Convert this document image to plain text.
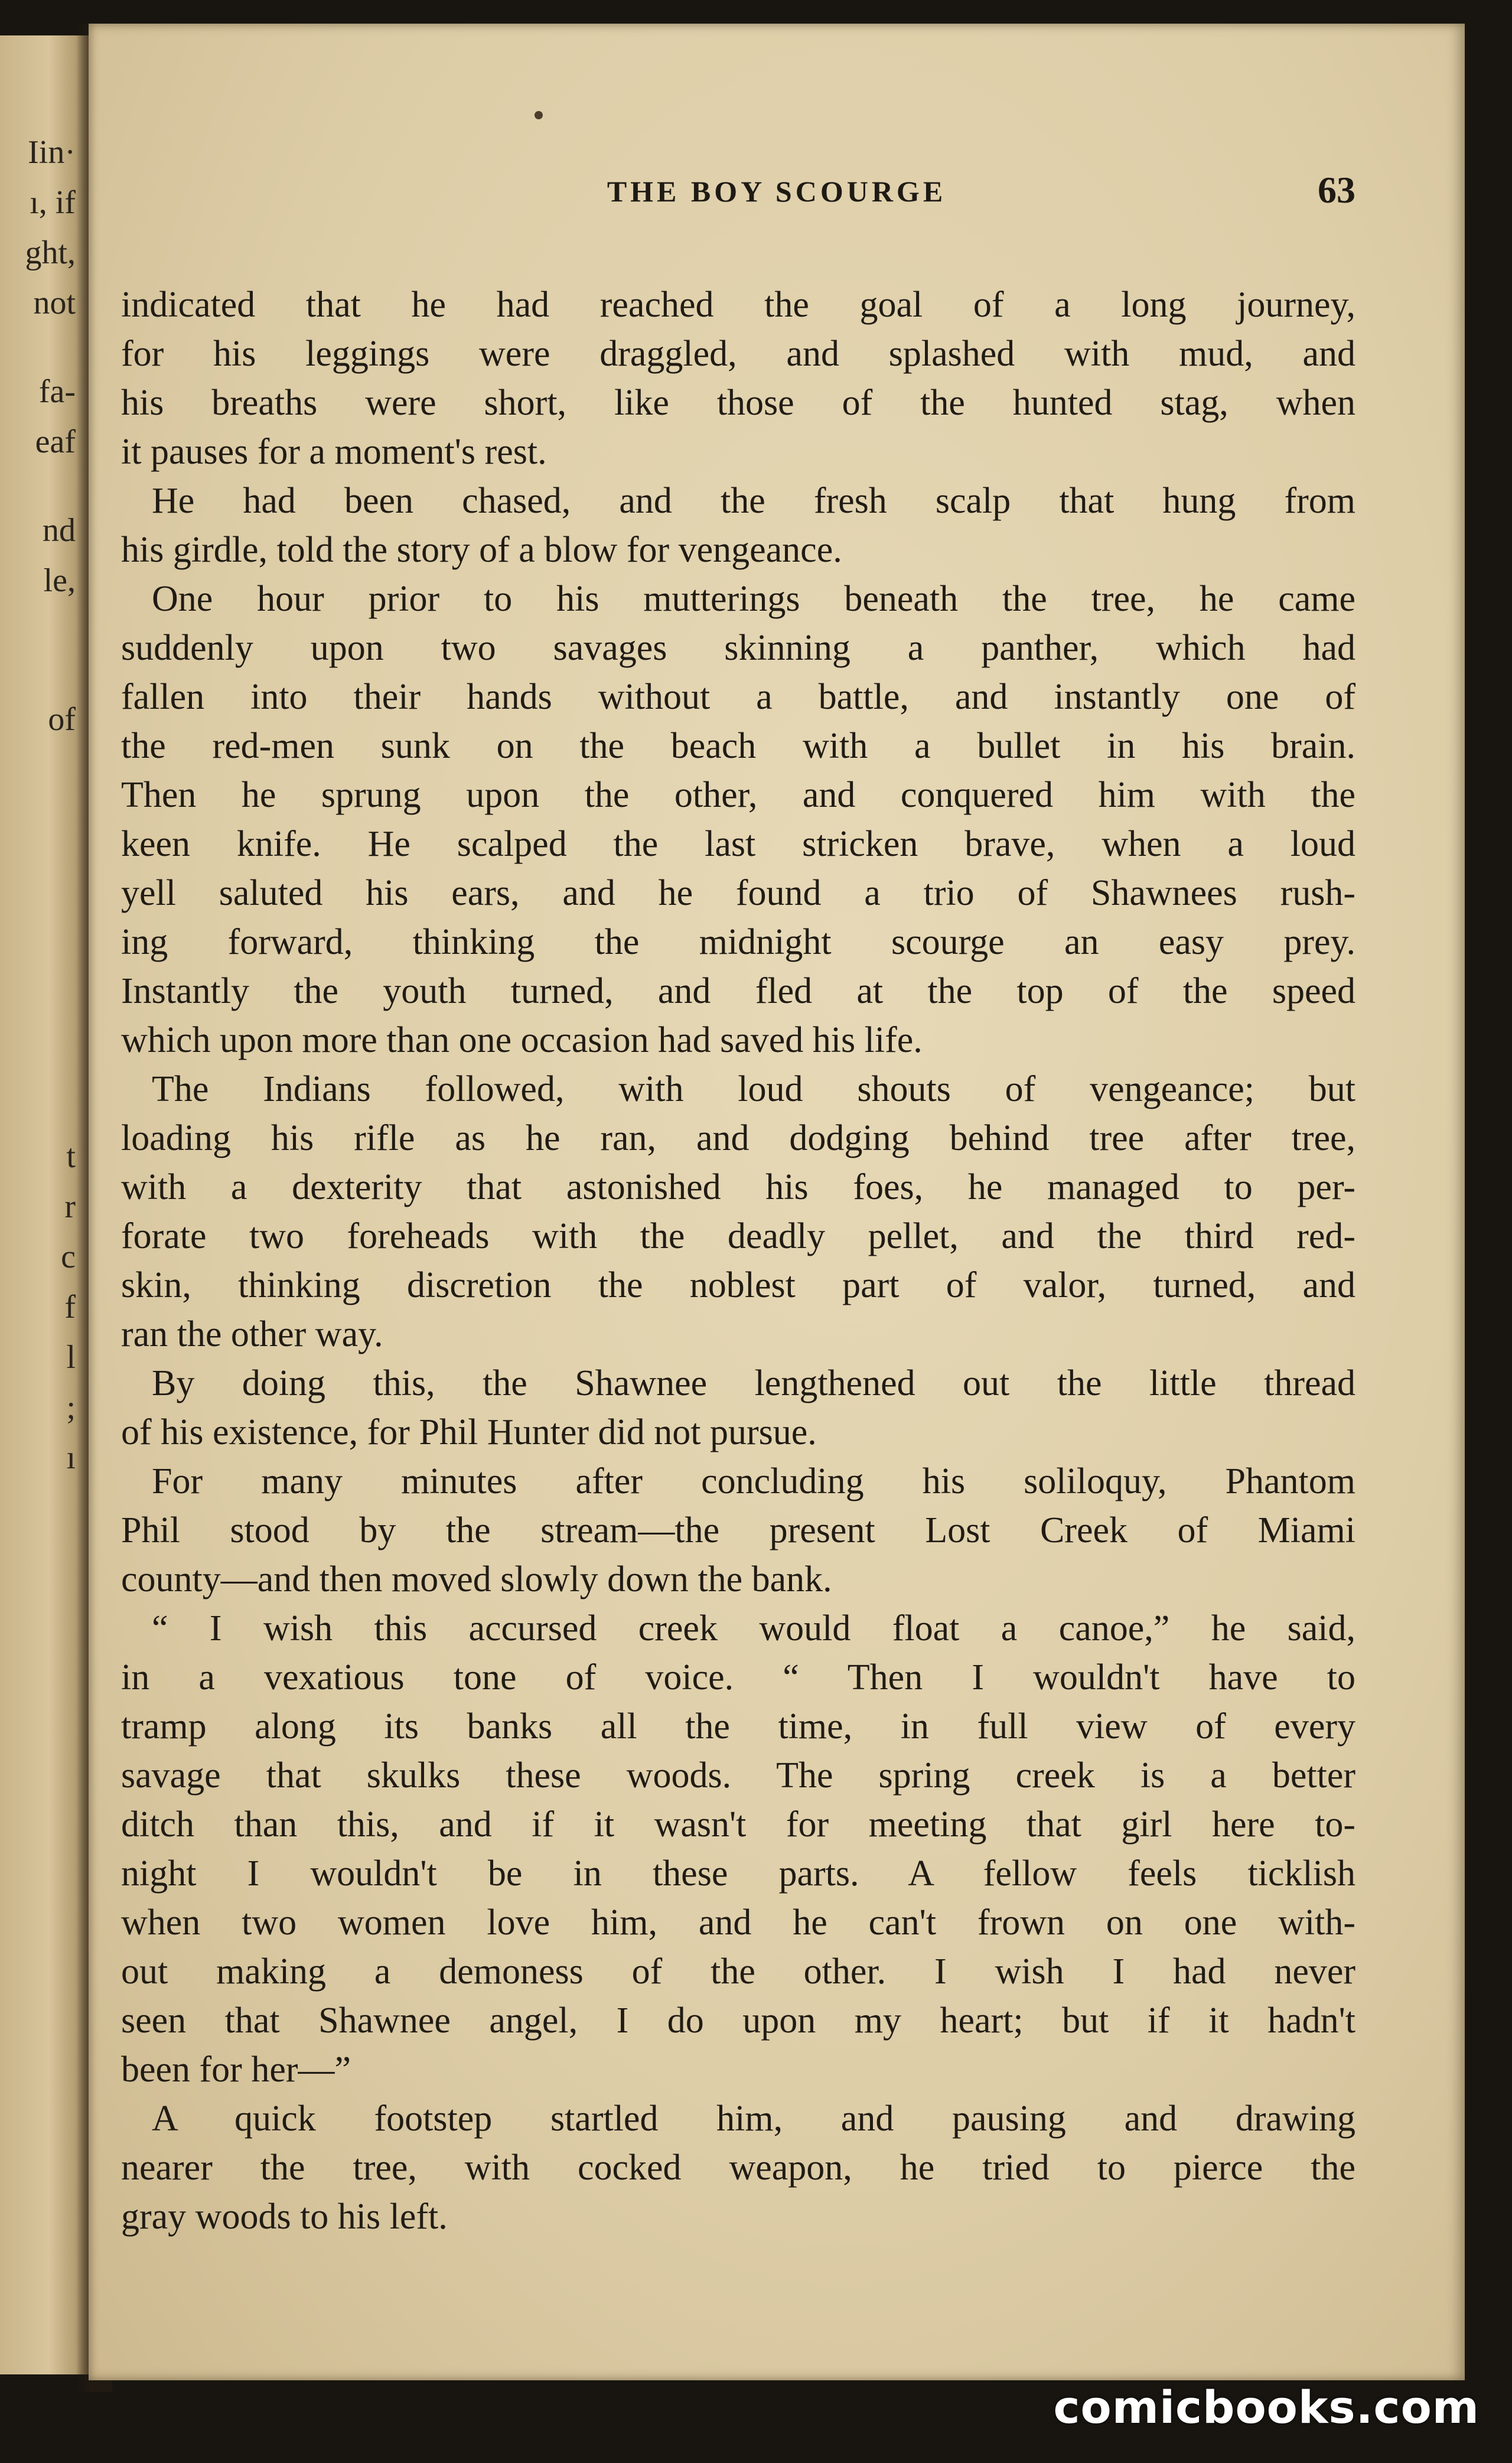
Iin·
ı, if
ght,
not
fa-
eaf
nd
le,
of
t
r
c
f
l
;
ı
THE BOY SCOURGE	63
indicated that he had reached the goal of a long journey,
for his leggings were draggled, and splashed with mud, and
his breaths were short, like those of the hunted stag, when
it pauses for a moment's rest.
He had been chased, and the fresh scalp that hung from
his girdle, told the story of a blow for vengeance.
One hour prior to his mutterings beneath the tree, he came
suddenly upon two savages skinning a panther, which had
fallen into their hands without a battle, and instantly one of
the red-men sunk on the beach with a bullet in his brain.
Then he sprung upon the other, and conquered him with the
keen knife. He scalped the last stricken brave, when a loud
yell saluted his ears, and he found a trio of Shawnees rush-
ing forward, thinking the midnight scourge an easy prey.
Instantly the youth turned, and fled at the top of the speed
which upon more than one occasion had saved his life.
The Indians followed, with loud shouts of vengeance; but
loading his rifle as he ran, and dodging behind tree after tree,
with a dexterity that astonished his foes, he managed to per-
forate two foreheads with the deadly pellet, and the third red-
skin, thinking discretion the noblest part of valor, turned, and
ran the other way.
By doing this, the Shawnee lengthened out the little thread
of his existence, for Phil Hunter did not pursue.
For many minutes after concluding his soliloquy, Phantom
Phil stood by the stream—the present Lost Creek of Miami
county—and then moved slowly down the bank.
“ I wish this accursed creek would float a canoe,” he said,
in a vexatious tone of voice. “ Then I wouldn't have to
tramp along its banks all the time, in full view of every
savage that skulks these woods. The spring creek is a better
ditch than this, and if it wasn't for meeting that girl here to-
night I wouldn't be in these parts. A fellow feels ticklish
when two women love him, and he can't frown on one with-
out making a demoness of the other. I wish I had never
seen that Shawnee angel, I do upon my heart; but if it hadn't
been for her—”
A quick footstep startled him, and pausing and drawing
nearer the tree, with cocked weapon, he tried to pierce the
gray woods to his left.
comicbooks.com
